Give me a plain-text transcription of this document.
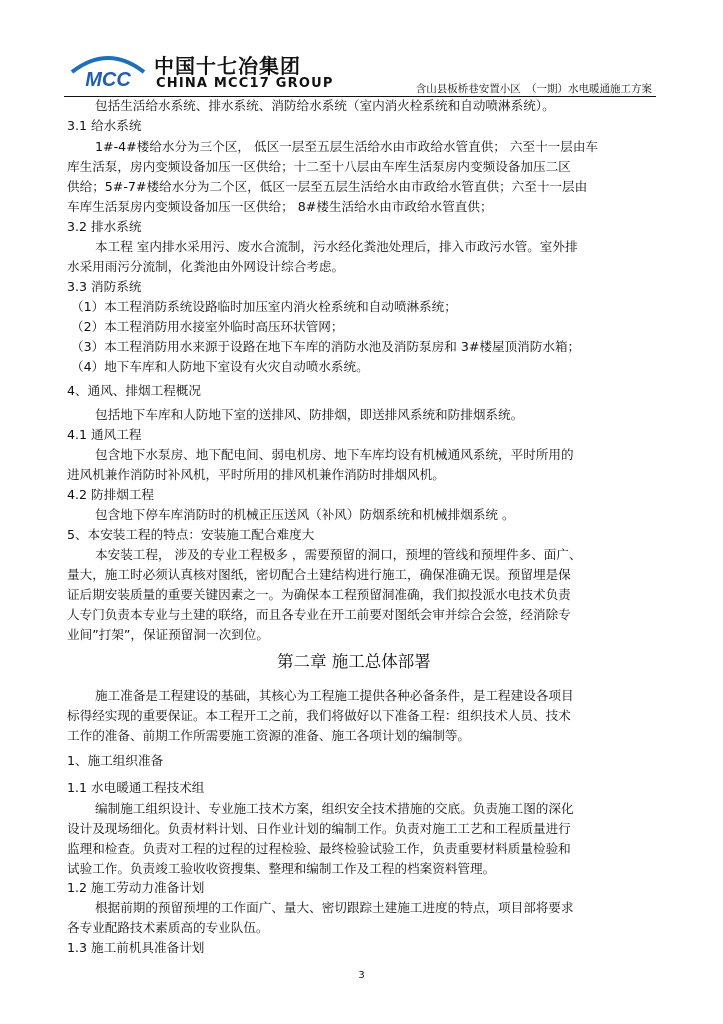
MCC
中国十七冶集团
CHINA MCC17 GROUP	含山县板桥巷安置小区　（一期）水电暖通施工方案
包括生活给水系统、排水系统、消防给水系统（室内消火栓系统和自动喷淋系统）。
3.1 给水系统
1#-4#楼给水分为三个区， 低区一层至五层生活给水由市政给水管直供； 六至十一层由车
库生活泵，房内变频设备加压一区供给；十二至十八层由车库生活泵房内变频设备加压二区
供给；5#-7#楼给水分为二个区，低区一层至五层生活给水由市政给水管直供；六至十一层由
车库生活泵房内变频设备加压一区供给； 8#楼生活给水由市政给水管直供；
3.2 排水系统
本工程 室内排水采用污、废水合流制，污水经化粪池处理后，排入市政污水管。室外排
水采用雨污分流制，化粪池由外网设计综合考虑。
3.3 消防系统
（1）本工程消防系统设路临时加压室内消火栓系统和自动喷淋系统；
（2）本工程消防用水接室外临时高压环状管网；
（3）本工程消防用水来源于设路在地下车库的消防水池及消防泵房和 3#楼屋顶消防水箱；
（4）地下车库和人防地下室设有火灾自动喷水系统。
4、通风、排烟工程概况
包括地下车库和人防地下室的送排风、防排烟，即送排风系统和防排烟系统。
4.1 通风工程
包含地下水泵房、地下配电间、弱电机房、地下车库均设有机械通风系统，平时所用的
进风机兼作消防时补风机，平时所用的排风机兼作消防时排烟风机。
4.2 防排烟工程
包含地下停车库消防时的机械正压送风（补风）防烟系统和机械排烟系统 。
5、本安装工程的特点：安装施工配合难度大
本安装工程， 涉及的专业工程极多 ，需要预留的洞口，预埋的管线和预埋件多、面广、
量大，施工时必须认真核对图纸，密切配合土建结构进行施工，确保准确无误。预留埋是保
证后期安装质量的重要关键因素之一。为确保本工程预留洞准确，我们拟投派水电技术负责
人专门负责本专业与土建的联络，而且各专业在开工前要对图纸会审并综合会签，经消除专
业间”打架”，保证预留洞一次到位。
第二章 施工总体部署
施工准备是工程建设的基础，其核心为工程施工提供各种必备条件，是工程建设各项目
标得经实现的重要保证。本工程开工之前，我们将做好以下准备工程：组织技术人员、技术
工作的准备、前期工作所需要施工资源的准备、施工各项计划的编制等。
1、施工组织准备
1.1 水电暖通工程技术组
编制施工组织设计、专业施工技术方案，组织安全技术措施的交底。负责施工图的深化
设计及现场细化。负责材料计划、日作业计划的编制工作。负责对施工工艺和工程质量进行
监理和检查。负责对工程的过程的过程检验、最终检验试验工作，负责重要材料质量检验和
试验工作。负责竣工验收收资搜集、整理和编制工作及工程的档案资料管理。
1.2 施工劳动力准备计划
根据前期的预留预埋的工作面广、量大、密切跟踪土建施工进度的特点，项目部将要求
各专业配路技术素质高的专业队伍。
1.3 施工前机具准备计划
3
